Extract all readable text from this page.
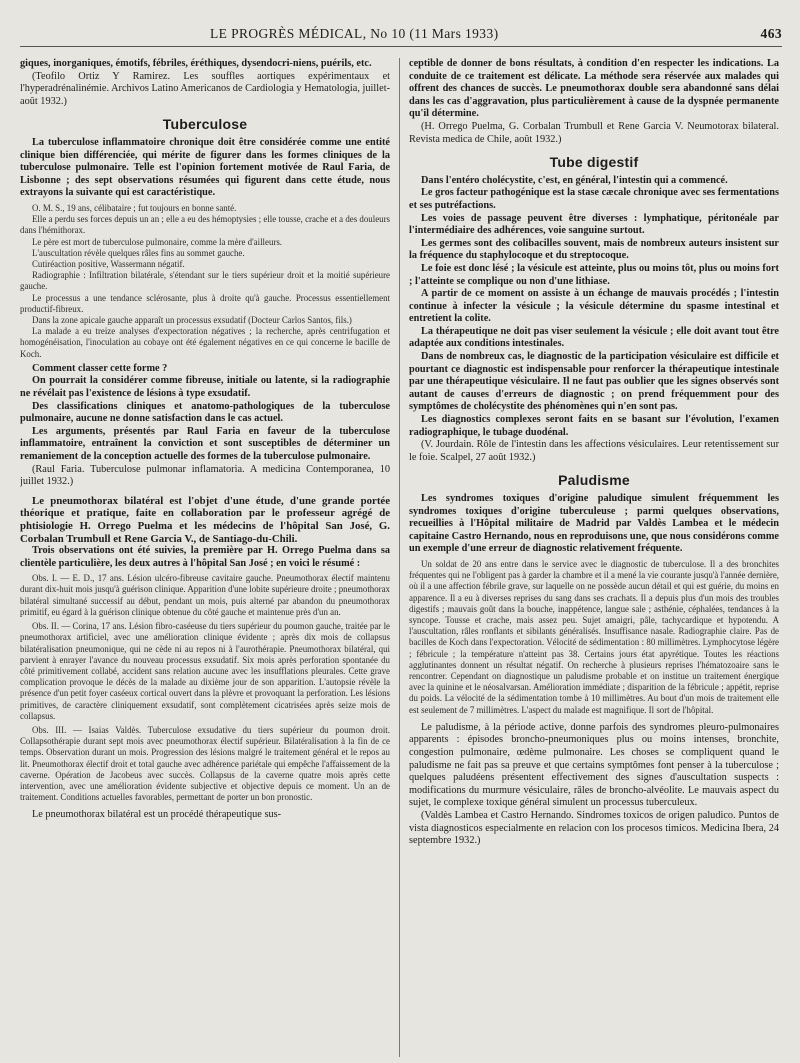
LE PROGRÈS MÉDICAL, No 10 (11 Mars 1933)	463

giques, inorganiques, émotifs, fébriles, éréthiques, dysendocri-niens, puérils, etc.

(Teofilo Ortiz Y Ramirez. Les souffles aortiques expérimentaux et l'hyperadrénalinémie. Archivos Latino Americanos de Cardiologia y Hematologia, juillet-août 1932.)

Tuberculose

La tuberculose inflammatoire chronique doit être considérée comme une entité clinique bien différenciée, qui mérite de figurer dans les formes cliniques de la tuberculose pulmonaire. Telle est l'opinion fortement motivée de Raul Faria, de Lisbonne ; des sept observations résumées qui figurent dans cette étude, nous extrayons la suivante qui est caractéristique.

O. M. S., 19 ans, célibataire ; fut toujours en bonne santé.

Elle a perdu ses forces depuis un an ; elle a eu des hémoptysies ; elle tousse, crache et a des douleurs dans l'hémithorax.

Le père est mort de tuberculose pulmonaire, comme la mère d'ailleurs.

L'auscultation révèle quelques râles fins au sommet gauche.

Cutiréaction positive, Wassermann négatif.

Radiographie : Infiltration bilatérale, s'étendant sur le tiers supérieur droit et la moitié supérieure gauche.

Le processus a une tendance sclérosante, plus à droite qu'à gauche. Processus essentiellement productif-fibreux.

Dans la zone apicale gauche apparaît un processus exsudatif (Docteur Carlos Santos, fils.)

La malade a eu treize analyses d'expectoration négatives ; la recherche, après centrifugation et homogénéisation, l'inoculation au cobaye ont été également négatives en ce qui concerne le bacille de Koch.

Comment classer cette forme ?

On pourrait la considérer comme fibreuse, initiale ou latente, si la radiographie ne révélait pas l'existence de lésions à type exsudatif.

Des classifications cliniques et anatomo-pathologiques de la tuberculose pulmonaire, aucune ne donne satisfaction dans le cas actuel.

Les arguments, présentés par Raul Faria en faveur de la tuberculose inflammatoire, entraînent la conviction et sont susceptibles de déterminer un remaniement de la conception actuelle des formes de la tuberculose pulmonaire.

(Raul Faria. Tuberculose pulmonar inflamatoria. A medicina Contemporanea, 10 juillet 1932.)

Le pneumothorax bilatéral est l'objet d'une étude, d'une grande portée théorique et pratique, faite en collaboration par le professeur agrégé de phtisiologie H. Orrego Puelma et les médecins de l'hôpital San José, G. Corbalan Trumbull et Rene Garcia V., de Santiago-du-Chili.

Trois observations ont été suivies, la première par H. Orrego Puelma dans sa clientèle particulière, les deux autres à l'hôpital San José ; en voici le résumé :

Obs. I. — E. D., 17 ans. Lésion ulcéro-fibreuse cavitaire gauche. Pneumothorax électif maintenu durant dix-huit mois jusqu'à guérison clinique. Apparition d'une lobite supérieure droite ; pneumothorax bilatéral simultané successif au début, pendant un mois, puis alterné par abandon du pneumothorax primitif, eu égard à la guérison clinique obtenue du côté gauche et maintenue près d'un an.

Obs. II. — Corina, 17 ans. Lésion fibro-caséeuse du tiers supérieur du poumon gauche, traitée par le pneumothorax artificiel, avec une amélioration clinique évidente ; après dix mois de collapsus bilatéralisation pneumonique, qui ne cède ni au repos ni à l'aurothérapie. Pneumothorax bilatéral, qui parvient à enrayer l'avance du nouveau processus exsudatif. Six mois après perforation spontanée du côté primitivement collabé, accident sans relation aucune avec les insufflations pleurales. Cette grave complication provoque le décès de la malade au dixième jour de son apparition. L'autopsie révèle la présence d'un petit foyer caséeux cortical ouvert dans la plèvre et provoquant la perforation. Les lésions primitives, de caractère cliniquement exsudatif, sont complètement cicatrisées après seize mois de collapsus.

Obs. III. — Isaias Valdès. Tuberculose exsudative du tiers supérieur du poumon droit. Collapsothérapie durant sept mois avec pneumothorax électif supérieur. Bilatéralisation à la fin de ce temps. Observation durant un mois. Progression des lésions malgré le traitement général et le repos au lit. Pneumothorax électif droit et total gauche avec adhérence pariétale qui empêche l'affaissement de la caverne. Opération de Jacobeus avec succès. Collapsus de la caverne quatre mois après cette intervention, avec une amélioration évidente subjective et objective depuis ce moment. Un an de traitement. Conditions actuelles favorables, permettant de porter un bon pronostic.

Le pneumothorax bilatéral est un procédé thérapeutique sus-

ceptible de donner de bons résultats, à condition d'en respecter les indications. La conduite de ce traitement est délicate. La méthode sera réservée aux malades qui offrent des chances de succès. Le pneumothorax double sera abandonné sans délai dans les cas d'aggravation, plus particulièrement à cause de la dyspnée permanente qu'il détermine.

(H. Orrego Puelma, G. Corbalan Trumbull et Rene Garcia V. Neumotorax bilateral. Revista medica de Chile, août 1932.)

Tube digestif

Dans l'entéro cholécystite, c'est, en général, l'intestin qui a commencé.

Le gros facteur pathogénique est la stase cæcale chronique avec ses fermentations et ses putréfactions.

Les voies de passage peuvent être diverses : lymphatique, péritonéale par l'intermédiaire des adhérences, voie sanguine surtout.

Les germes sont des colibacilles souvent, mais de nombreux auteurs insistent sur la fréquence du staphylocoque et du streptocoque.

Le foie est donc lésé ; la vésicule est atteinte, plus ou moins tôt, plus ou moins fort ; l'atteinte se complique ou non d'une lithiase.

A partir de ce moment on assiste à un échange de mauvais procédés ; l'intestin continue à infecter la vésicule ; la vésicule détermine du spasme intestinal et entretient la colite.

La thérapeutique ne doit pas viser seulement la vésicule ; elle doit avant tout être adaptée aux conditions intestinales.

Dans de nombreux cas, le diagnostic de la participation vésiculaire est difficile et pourtant ce diagnostic est indispensable pour renforcer la thérapeutique intestinale par une thérapeutique vésiculaire. Il ne faut pas oublier que les signes observés sont autant de causes d'erreurs de diagnostic ; on prend fréquemment pour des symptômes de cholécystite des phénomènes qui n'en sont pas.

Les diagnostics complexes seront faits en se basant sur l'évolution, l'examen radiographique, le tubage duodénal.

(V. Jourdain. Rôle de l'intestin dans les affections vésiculaires. Leur retentissement sur le foie. Scalpel, 27 août 1932.)

Paludisme

Les syndromes toxiques d'origine paludique simulent fréquemment les syndromes toxiques d'origine tuberculeuse ; parmi quelques observations, recueillies à l'Hôpital militaire de Madrid par Valdès Lambea et le médecin capitaine Castro Hernando, nous en reproduisons une, que nous considérons comme un exemple d'une erreur de diagnostic relativement fréquente.

Un soldat de 20 ans entre dans le service avec le diagnostic de tuberculose. Il a des bronchites fréquentes qui ne l'obligent pas à garder la chambre et il a mené la vie courante jusqu'à l'année dernière, où il a une affection fébrile grave, sur laquelle on ne possède aucun détail et qui est guérie, du moins en apparence. Il a eu à diverses reprises du sang dans ses crachats. Il a depuis plus d'un mois des troubles digestifs ; mauvais goût dans la bouche, inappétence, langue sale ; asthénie, céphalées, tendances à la syncope. Tousse et crache, mais assez peu. Sujet amaigri, pâle, tachycardique et hypotendu. A l'auscultation, râles ronflants et sibilants généralisés. Insuffisance nasale. Radiographie claire. Pas de bacilles de Koch dans l'expectoration. Vélocité de sédimentation : 80 millimètres. Lymphocytose légère ; fébricule ; la température n'atteint pas 38. Certains jours état apyrétique. Toutes les réactions agglutinantes donnent un résultat négatif. On recherche à plusieurs reprises l'hématozoaire sans le rencontrer. Cependant on diagnostique un paludisme probable et on institue un traitement énergique avec la quinine et le néosalvarsan. Amélioration immédiate ; disparition de la fébricule ; appétit, reprise du poids. La vélocité de la sédimentation tombe à 10 millimètres. Au bout d'un mois de traitement elle est seulement de 7 millimètres. L'aspect du malade est magnifique. Il sort de l'hôpital.

Le paludisme, à la période active, donne parfois des syndromes pleuro-pulmonaires apparents : épisodes broncho-pneumoniques plus ou moins intenses, bronchite, congestion pulmonaire, œdème pulmonaire. Les choses se compliquent quand le paludisme ne fait pas sa preuve et que certains symptômes font penser à la tuberculose ; quelques paludéens présentent effectivement des signes d'auscultation suspects : modifications du murmure vésiculaire, râles de broncho-alvéolite. Le mauvais aspect du sujet, le complexe toxique général simulent un processus tuberculeux.

(Valdès Lambea et Castro Hernando. Sindromes toxicos de origen paludico. Puntos de vista diagnosticos especialmente en relacion con los procesos timicos. Medicina Ibera, 24 septembre 1932.)
